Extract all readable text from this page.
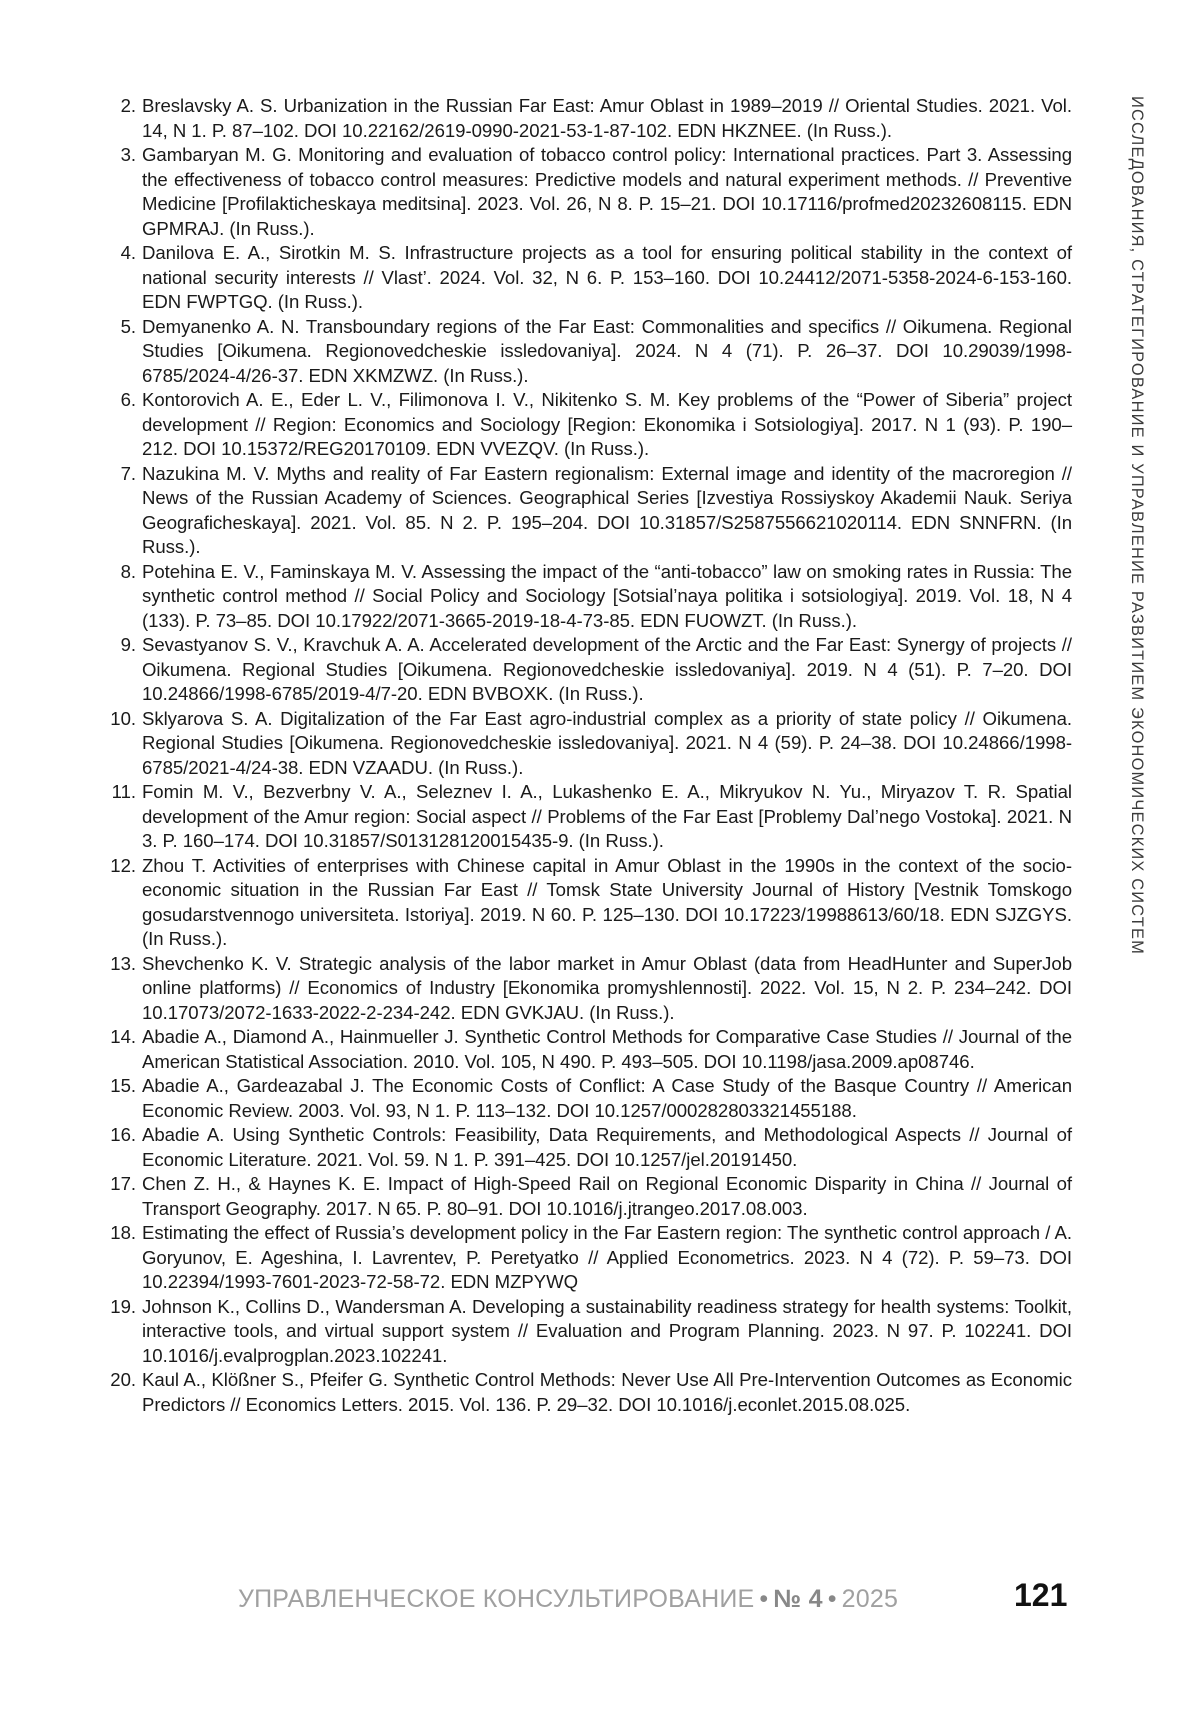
2. Breslavsky A. S. Urbanization in the Russian Far East: Amur Oblast in 1989–2019 // Oriental Studies. 2021. Vol. 14, N 1. P. 87–102. DOI 10.22162/2619-0990-2021-53-1-87-102. EDN HKZNEE. (In Russ.).
3. Gambaryan M. G. Monitoring and evaluation of tobacco control policy: International practices. Part 3. Assessing the effectiveness of tobacco control measures: Predictive models and natural experiment methods. // Preventive Medicine [Profilakticheskaya meditsina]. 2023. Vol. 26, N 8. P. 15–21. DOI 10.17116/profmed20232608115. EDN GPMRAJ. (In Russ.).
4. Danilova E. A., Sirotkin M. S. Infrastructure projects as a tool for ensuring political stability in the context of national security interests // Vlast’. 2024. Vol. 32, N 6. P. 153–160. DOI 10.24412/2071-5358-2024-6-153-160. EDN FWPTGQ. (In Russ.).
5. Demyanenko A. N. Transboundary regions of the Far East: Commonalities and specifics // Oikumena. Regional Studies [Oikumena. Regionovedcheskie issledovaniya]. 2024. N 4 (71). P. 26–37. DOI 10.29039/1998-6785/2024-4/26-37. EDN XKMZWZ. (In Russ.).
6. Kontorovich A. E., Eder L. V., Filimonova I. V., Nikitenko S. M. Key problems of the “Power of Siberia” project development // Region: Economics and Sociology [Region: Ekonomika i Sotsiologiya]. 2017. N 1 (93). P. 190–212. DOI 10.15372/REG20170109. EDN VVEZQV. (In Russ.).
7. Nazukina M. V. Myths and reality of Far Eastern regionalism: External image and identity of the macroregion // News of the Russian Academy of Sciences. Geographical Series [Izvestiya Rossiyskoy Akademii Nauk. Seriya Geograficheskaya]. 2021. Vol. 85. N 2. P. 195–204. DOI 10.31857/S2587556621020114. EDN SNNFRN. (In Russ.).
8. Potehina E. V., Faminskaya M. V. Assessing the impact of the “anti-tobacco” law on smoking rates in Russia: The synthetic control method // Social Policy and Sociology [Sotsial’naya politika i sotsiologiya]. 2019. Vol. 18, N 4 (133). P. 73–85. DOI 10.17922/2071-3665-2019-18-4-73-85. EDN FUOWZT. (In Russ.).
9. Sevastyanov S. V., Kravchuk A. A. Accelerated development of the Arctic and the Far East: Synergy of projects // Oikumena. Regional Studies [Oikumena. Regionovedcheskie issledovaniya]. 2019. N 4 (51). P. 7–20. DOI 10.24866/1998-6785/2019-4/7-20. EDN BVBOXK. (In Russ.).
10. Sklyarova S. A. Digitalization of the Far East agro-industrial complex as a priority of state policy // Oikumena. Regional Studies [Oikumena. Regionovedcheskie issledovaniya]. 2021. N 4 (59). P. 24–38. DOI 10.24866/1998-6785/2021-4/24-38. EDN VZAADU. (In Russ.).
11. Fomin M. V., Bezverbny V. A., Seleznev I. A., Lukashenko E. A., Mikryukov N. Yu., Miryazov T. R. Spatial development of the Amur region: Social aspect // Problems of the Far East [Problemy Dal’nego Vostoka]. 2021. N 3. P. 160–174. DOI 10.31857/S013128120015435-9. (In Russ.).
12. Zhou T. Activities of enterprises with Chinese capital in Amur Oblast in the 1990s in the context of the socio-economic situation in the Russian Far East // Tomsk State University Journal of History [Vestnik Tomskogo gosudarstvennogo universiteta. Istoriya]. 2019. N 60. P. 125–130. DOI 10.17223/19988613/60/18. EDN SJZGYS. (In Russ.).
13. Shevchenko K. V. Strategic analysis of the labor market in Amur Oblast (data from HeadHunter and SuperJob online platforms) // Economics of Industry [Ekonomika promyshlennosti]. 2022. Vol. 15, N 2. P. 234–242. DOI 10.17073/2072-1633-2022-2-234-242. EDN GVKJAU. (In Russ.).
14. Abadie A., Diamond A., Hainmueller J. Synthetic Control Methods for Comparative Case Studies // Journal of the American Statistical Association. 2010. Vol. 105, N 490. P. 493–505. DOI 10.1198/jasa.2009.ap08746.
15. Abadie A., Gardeazabal J. The Economic Costs of Conflict: A Case Study of the Basque Country // American Economic Review. 2003. Vol. 93, N 1. P. 113–132. DOI 10.1257/000282803321455188.
16. Abadie A. Using Synthetic Controls: Feasibility, Data Requirements, and Methodological Aspects // Journal of Economic Literature. 2021. Vol. 59. N 1. P. 391–425. DOI 10.1257/jel.20191450.
17. Chen Z. H., & Haynes K. E. Impact of High-Speed Rail on Regional Economic Disparity in China // Journal of Transport Geography. 2017. N 65. P. 80–91. DOI 10.1016/j.jtrangeo.2017.08.003.
18. Estimating the effect of Russia’s development policy in the Far Eastern region: The synthetic control approach / A. Goryunov, E. Ageshina, I. Lavrentev, P. Peretyatko // Applied Econometrics. 2023. N 4 (72). P. 59–73. DOI 10.22394/1993-7601-2023-72-58-72. EDN MZPYWQ
19. Johnson K., Collins D., Wandersman A. Developing a sustainability readiness strategy for health systems: Toolkit, interactive tools, and virtual support system // Evaluation and Program Planning. 2023. N 97. P. 102241. DOI 10.1016/j.evalprogplan.2023.102241.
20. Kaul A., Klößner S., Pfeifer G. Synthetic Control Methods: Never Use All Pre-Intervention Outcomes as Economic Predictors // Economics Letters. 2015. Vol. 136. P. 29–32. DOI 10.1016/j.econlet.2015.08.025.
ИССЛЕДОВАНИЯ, СТРАТЕГИРОВАНИЕ И УПРАВЛЕНИЕ РАЗВИТИЕМ ЭКОНОМИЧЕСКИХ СИСТЕМ
УПРАВЛЕНЧЕСКОЕ КОНСУЛЬТИРОВАНИЕ • № 4 • 2025	121
